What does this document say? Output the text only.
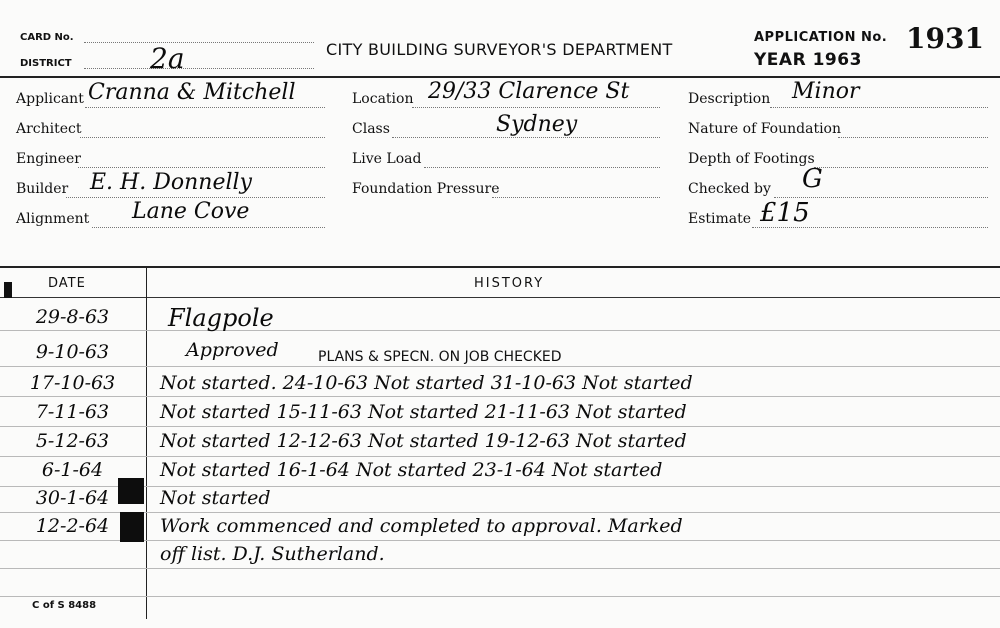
CARD No.
DISTRICT	2a	CITY BUILDING SURVEYOR'S DEPARTMENT
APPLICATION No. 1931
YEAR 1963
Applicant Cranna & Mitchell
Architect
Engineer
Builder E. H. Donnelly
Alignment Lane Cove
Location 29/33 Clarence St
Class	Sydney
Live Load
Foundation Pressure
Description Minor
Nature of Foundation
Depth of Footings
Checked by G
Estimate £15
DATE	HISTORY
29-8-63	Flagpole
9-10-63	Approved	PLANS & SPECN. ON JOB CHECKED
17-10-63	Not started. 24-10-63 Not started 31-10-63 Not started
7-11-63	Not started 15-11-63 Not started 21-11-63 Not started
5-12-63	Not started 12-12-63 Not started 19-12-63 Not started
6-1-64	Not started 16-1-64 Not started 23-1-64 Not started
30-1-64	Not started
12-2-64	Work commenced and completed to approval. Marked
off list. D.J. Sutherland.
C of S 8488
